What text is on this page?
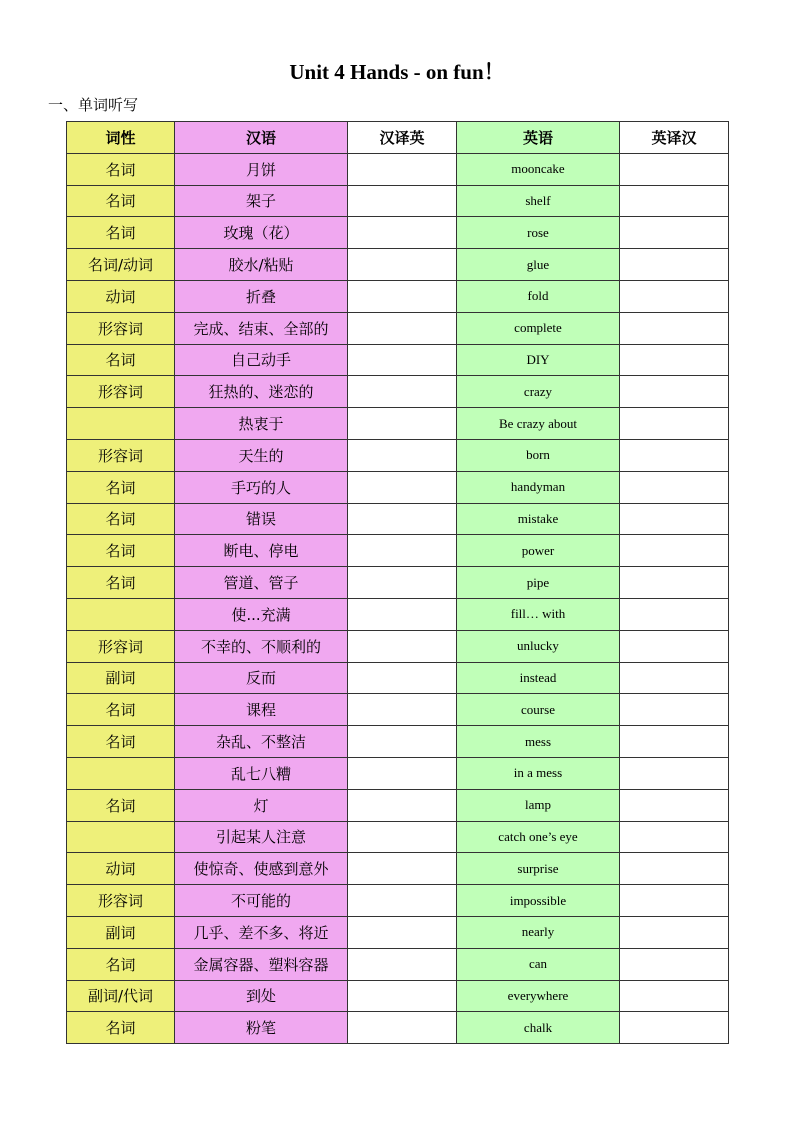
Unit 4 Hands - on fun！
一、单词听写
词性	汉语	汉译英	英语	英译汉
名词	月饼		mooncake	
名词	架子		shelf	
名词	玫瑰（花）		rose	
名词/动词	胶水/粘贴		glue	
动词	折叠		fold	
形容词	完成、结束、全部的		complete	
名词	自己动手		DIY	
形容词	狂热的、迷恋的		crazy	
	热衷于		Be crazy about	
形容词	天生的		born	
名词	手巧的人		handyman	
名词	错误		mistake	
名词	断电、停电		power	
名词	管道、管子		pipe	
	使...充满		fill… with	
形容词	不幸的、不顺利的		unlucky	
副词	反而		instead	
名词	课程		course	
名词	杂乱、不整洁		mess	
	乱七八糟		in a mess	
名词	灯		lamp	
	引起某人注意		catch one’s eye	
动词	使惊奇、使感到意外		surprise	
形容词	不可能的		impossible	
副词	几乎、差不多、将近		nearly	
名词	金属容器、塑料容器		can	
副词/代词	到处		everywhere	
名词	粉笔		chalk	
